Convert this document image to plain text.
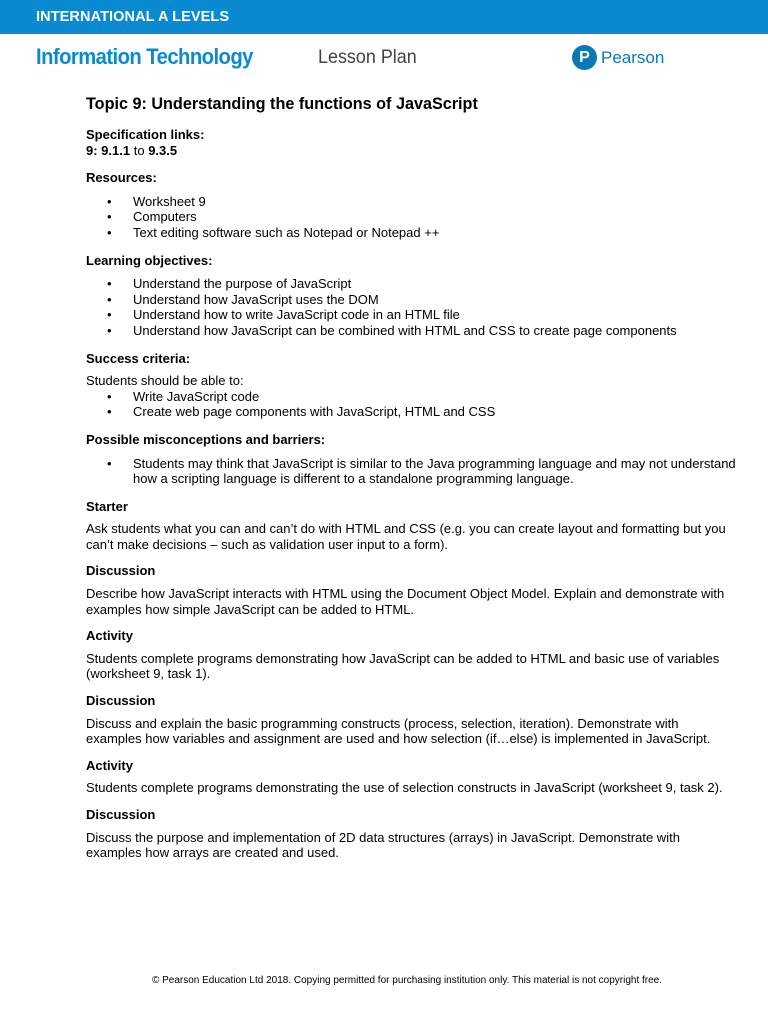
INTERNATIONAL A LEVELS
Information Technology	Lesson Plan	P Pearson
Topic 9: Understanding the functions of JavaScript

Specification links:

9: 9.1.1 to 9.3.5

Resources:

• Worksheet 9
• Computers
• Text editing software such as Notepad or Notepad ++

Learning objectives:

• Understand the purpose of JavaScript
• Understand how JavaScript uses the DOM
• Understand how to write JavaScript code in an HTML file
• Understand how JavaScript can be combined with HTML and CSS to create page components

Success criteria:

Students should be able to:

• Write JavaScript code
• Create web page components with JavaScript, HTML and CSS

Possible misconceptions and barriers:

• Students may think that JavaScript is similar to the Java programming language and may not understand how a scripting language is different to a standalone programming language.

Starter

Ask students what you can and can’t do with HTML and CSS (e.g. you can create layout and formatting but you can’t make decisions – such as validation user input to a form).

Discussion

Describe how JavaScript interacts with HTML using the Document Object Model. Explain and demonstrate with examples how simple JavaScript can be added to HTML.

Activity

Students complete programs demonstrating how JavaScript can be added to HTML and basic use of variables (worksheet 9, task 1).

Discussion

Discuss and explain the basic programming constructs (process, selection, iteration). Demonstrate with examples how variables and assignment are used and how selection (if…else) is implemented in JavaScript.

Activity

Students complete programs demonstrating the use of selection constructs in JavaScript (worksheet 9, task 2).

Discussion

Discuss the purpose and implementation of 2D data structures (arrays) in JavaScript. Demonstrate with examples how arrays are created and used.

© Pearson Education Ltd 2018. Copying permitted for purchasing institution only. This material is not copyright free.
